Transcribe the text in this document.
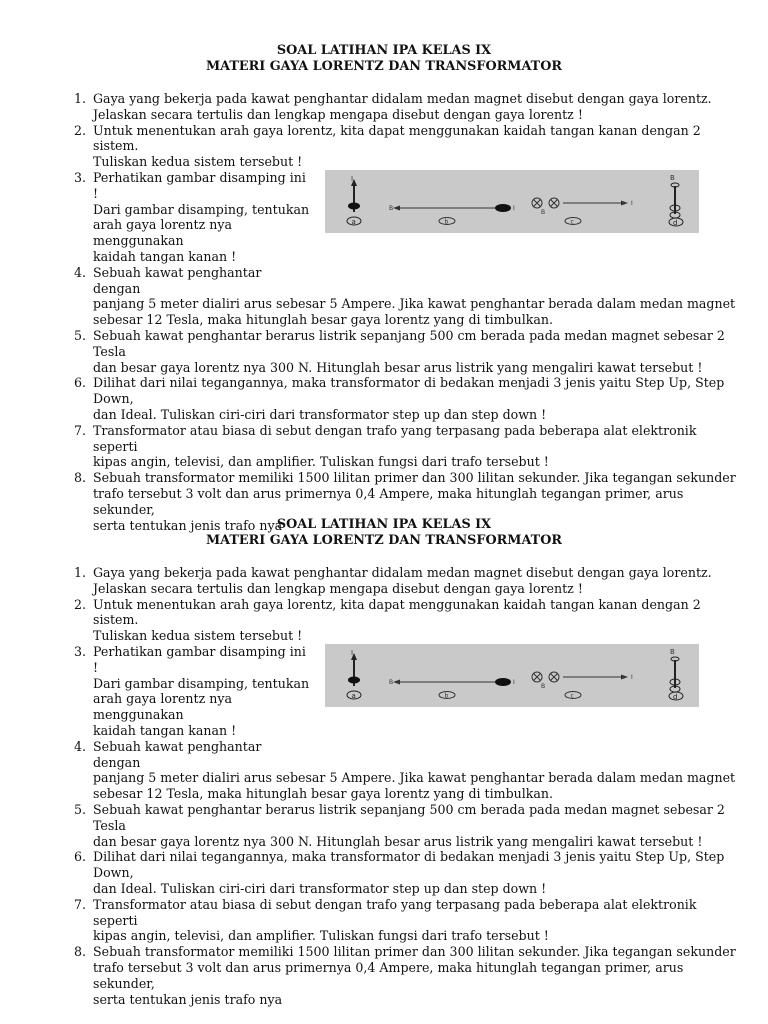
SOAL LATIHAN IPA KELAS IX
MATERI GAYA LORENTZ DAN TRANSFORMATOR
1. Gaya yang bekerja pada kawat penghantar didalam medan magnet disebut dengan gaya lorentz.
Jelaskan secara tertulis dan lengkap mengapa disebut dengan gaya lorentz !
2. Untuk menentukan arah gaya lorentz, kita dapat menggunakan kaidah tangan kanan dengan 2 sistem.
Tuliskan kedua sistem tersebut !
3. Perhatikan gambar disamping ini !
Dari gambar disamping, tentukan
arah gaya lorentz nya menggunakan
kaidah tangan kanan !
I
a
B	I
b
B
I
c
B
d
4. Sebuah kawat penghantar dengan
panjang 5 meter dialiri arus sebesar 5 Ampere. Jika kawat penghantar berada dalam medan magnet
sebesar 12 Tesla, maka hitunglah besar gaya lorentz yang di timbulkan.
5. Sebuah kawat penghantar berarus listrik sepanjang 500 cm berada pada medan magnet sebesar 2 Tesla
dan besar gaya lorentz nya 300 N. Hitunglah besar arus listrik yang mengaliri kawat tersebut !
6. Dilihat dari nilai tegangannya, maka transformator di bedakan menjadi 3 jenis yaitu Step Up, Step Down,
dan Ideal. Tuliskan ciri-ciri dari transformator step up dan step down !
7. Transformator atau biasa di sebut dengan trafo yang terpasang pada beberapa alat elektronik seperti
kipas angin, televisi, dan amplifier. Tuliskan fungsi dari trafo tersebut !
8. Sebuah transformator memiliki 1500 lilitan primer dan 300 lilitan sekunder. Jika tegangan sekunder
trafo tersebut 3 volt dan arus primernya 0,4 Ampere, maka hitunglah tegangan primer, arus sekunder,
serta tentukan jenis trafo nya
SOAL LATIHAN IPA KELAS IX
MATERI GAYA LORENTZ DAN TRANSFORMATOR
1. Gaya yang bekerja pada kawat penghantar didalam medan magnet disebut dengan gaya lorentz.
Jelaskan secara tertulis dan lengkap mengapa disebut dengan gaya lorentz !
2. Untuk menentukan arah gaya lorentz, kita dapat menggunakan kaidah tangan kanan dengan 2 sistem.
Tuliskan kedua sistem tersebut !
3. Perhatikan gambar disamping ini !
Dari gambar disamping, tentukan
arah gaya lorentz nya menggunakan
kaidah tangan kanan !
I
a
B	I
b
B
I
c
B
d
4. Sebuah kawat penghantar dengan
panjang 5 meter dialiri arus sebesar 5 Ampere. Jika kawat penghantar berada dalam medan magnet
sebesar 12 Tesla, maka hitunglah besar gaya lorentz yang di timbulkan.
5. Sebuah kawat penghantar berarus listrik sepanjang 500 cm berada pada medan magnet sebesar 2 Tesla
dan besar gaya lorentz nya 300 N. Hitunglah besar arus listrik yang mengaliri kawat tersebut !
6. Dilihat dari nilai tegangannya, maka transformator di bedakan menjadi 3 jenis yaitu Step Up, Step Down,
dan Ideal. Tuliskan ciri-ciri dari transformator step up dan step down !
7. Transformator atau biasa di sebut dengan trafo yang terpasang pada beberapa alat elektronik seperti
kipas angin, televisi, dan amplifier. Tuliskan fungsi dari trafo tersebut !
8. Sebuah transformator memiliki 1500 lilitan primer dan 300 lilitan sekunder. Jika tegangan sekunder
trafo tersebut 3 volt dan arus primernya 0,4 Ampere, maka hitunglah tegangan primer, arus sekunder,
serta tentukan jenis trafo nya
